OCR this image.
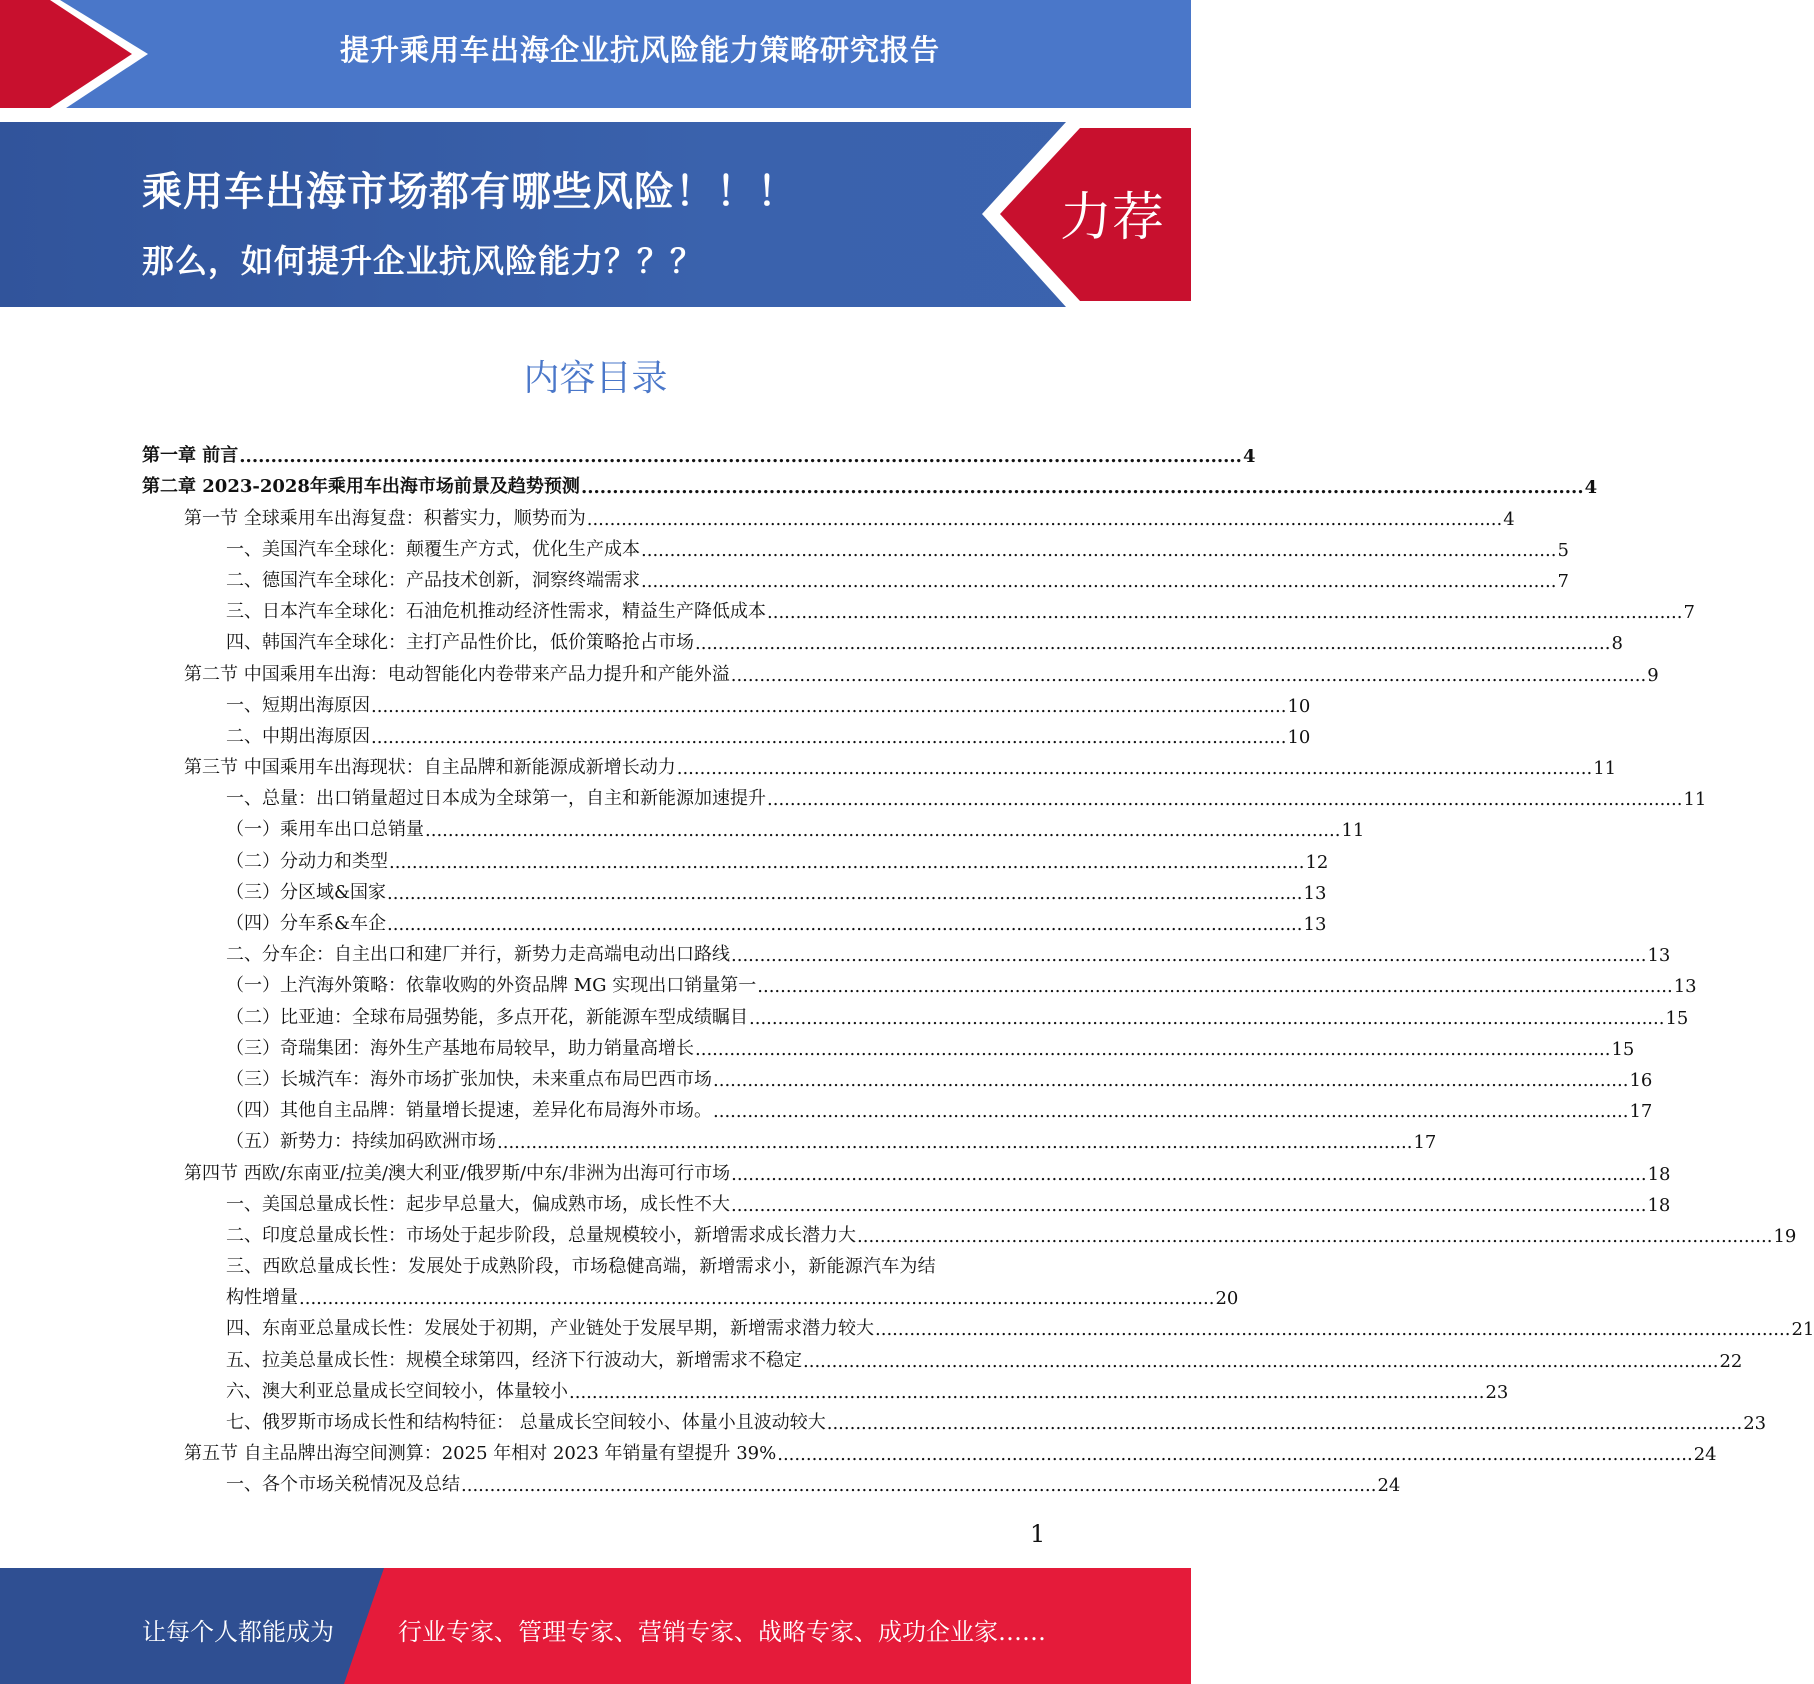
提升乘用车出海企业抗风险能力策略研究报告
乘用车出海市场都有哪些风险！！！
那么，如何提升企业抗风险能力？？？
力荐
内容目录
第一章 前言 ................................................................................................................................................................ 4
第二章 2023-2028年乘用车出海市场前景及趋势预测 ................................................................................................................................................................ 4
第一节 全球乘用车出海复盘：积蓄实力，顺势而为 ................................................................................................................................................................ 4
一、美国汽车全球化：颠覆生产方式，优化生产成本 ................................................................................................................................................................ 5
二、德国汽车全球化：产品技术创新，洞察终端需求 ................................................................................................................................................................ 7
三、日本汽车全球化：石油危机推动经济性需求，精益生产降低成本 ................................................................................................................................................................ 7
四、韩国汽车全球化：主打产品性价比，低价策略抢占市场 ................................................................................................................................................................ 8
第二节 中国乘用车出海：电动智能化内卷带来产品力提升和产能外溢 ................................................................................................................................................................ 9
一、短期出海原因 ................................................................................................................................................................ 10
二、中期出海原因 ................................................................................................................................................................ 10
第三节 中国乘用车出海现状：自主品牌和新能源成新增长动力 ................................................................................................................................................................ 11
一、总量：出口销量超过日本成为全球第一，自主和新能源加速提升 ................................................................................................................................................................ 11
（一）乘用车出口总销量 ................................................................................................................................................................ 11
（二）分动力和类型 ................................................................................................................................................................ 12
（三）分区域&国家 ................................................................................................................................................................ 13
（四）分车系&车企 ................................................................................................................................................................ 13
二、分车企：自主出口和建厂并行，新势力走高端电动出口路线 ................................................................................................................................................................ 13
（一）上汽海外策略：依靠收购的外资品牌 MG 实现出口销量第一 ................................................................................................................................................................ 13
（二）比亚迪：全球布局强势能，多点开花，新能源车型成绩瞩目 ................................................................................................................................................................ 15
（三）奇瑞集团：海外生产基地布局较早，助力销量高增长 ................................................................................................................................................................ 15
（三）长城汽车：海外市场扩张加快，未来重点布局巴西市场 ................................................................................................................................................................ 16
（四）其他自主品牌：销量增长提速，差异化布局海外市场。 ................................................................................................................................................................ 17
（五）新势力：持续加码欧洲市场 ................................................................................................................................................................ 17
第四节 西欧/东南亚/拉美/澳大利亚/俄罗斯/中东/非洲为出海可行市场 ................................................................................................................................................................ 18
一、美国总量成长性：起步早总量大，偏成熟市场，成长性不大 ................................................................................................................................................................ 18
二、印度总量成长性：市场处于起步阶段，总量规模较小，新增需求成长潜力大 ................................................................................................................................................................ 19
三、西欧总量成长性：发展处于成熟阶段，市场稳健高端，新增需求小，新能源汽车为结
构性增量 ................................................................................................................................................................ 20
四、东南亚总量成长性：发展处于初期，产业链处于发展早期，新增需求潜力较大 ................................................................................................................................................................ 21
五、拉美总量成长性：规模全球第四，经济下行波动大，新增需求不稳定 ................................................................................................................................................................ 22
六、澳大利亚总量成长空间较小，体量较小 ................................................................................................................................................................ 23
七、俄罗斯市场成长性和结构特征： 总量成长空间较小、体量小且波动较大 ................................................................................................................................................................ 23
第五节 自主品牌出海空间测算：2025 年相对 2023 年销量有望提升 39% ................................................................................................................................................................ 24
一、各个市场关税情况及总结 ................................................................................................................................................................ 24
1
让每个人都能成为	行业专家、管理专家、营销专家、战略专家、成功企业家……
